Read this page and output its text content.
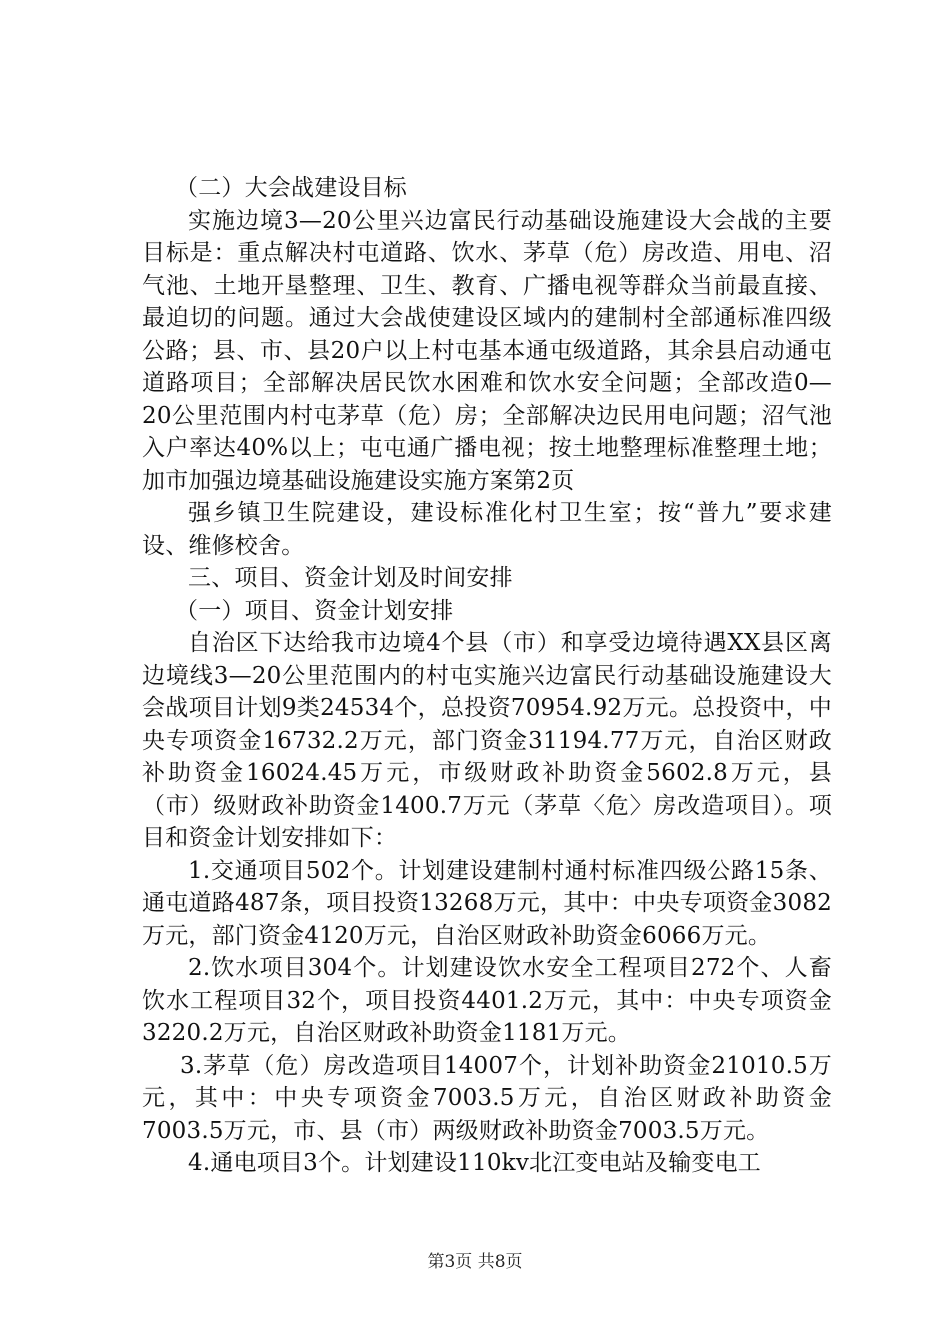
（二）大会战建设目标

实施边境3—20公里兴边富民行动基础设施建设大会战的主要目标是：重点解决村屯道路、饮水、茅草（危）房改造、用电、沼气池、土地开垦整理、卫生、教育、广播电视等群众当前最直接、最迫切的问题。通过大会战使建设区域内的建制村全部通标准四级公路；县、市、县20户以上村屯基本通屯级道路，其余县启动通屯道路项目；全部解决居民饮水困难和饮水安全问题；全部改造0—20公里范围内村屯茅草（危）房；全部解决边民用电问题；沼气池入户率达40%以上；屯屯通广播电视；按土地整理标准整理土地；加市加强边境基础设施建设实施方案第2页

强乡镇卫生院建设，建设标准化村卫生室；按“普九”要求建设、维修校舍。

三、项目、资金计划及时间安排

（一）项目、资金计划安排

自治区下达给我市边境4个县（市）和享受边境待遇XX县区离边境线3—20公里范围内的村屯实施兴边富民行动基础设施建设大会战项目计划9类24534个，总投资70954.92万元。总投资中，中央专项资金16732.2万元，部门资金31194.77万元，自治区财政补助资金16024.45万元，市级财政补助资金5602.8万元，县（市）级财政补助资金1400.7万元（茅草〈危〉房改造项目）。项目和资金计划安排如下：

1.交通项目502个。计划建设建制村通村标准四级公路15条、通屯道路487条，项目投资13268万元，其中：中央专项资金3082万元，部门资金4120万元，自治区财政补助资金6066万元。

2.饮水项目304个。计划建设饮水安全工程项目272个、人畜饮水工程项目32个，项目投资4401.2万元，其中：中央专项资金3220.2万元，自治区财政补助资金1181万元。

3.茅草（危）房改造项目14007个，计划补助资金21010.5万元，其中：中央专项资金7003.5万元，自治区财政补助资金7003.5万元，市、县（市）两级财政补助资金7003.5万元。

4.通电项目3个。计划建设110kv北江变电站及输变电工

第3页 共8页
